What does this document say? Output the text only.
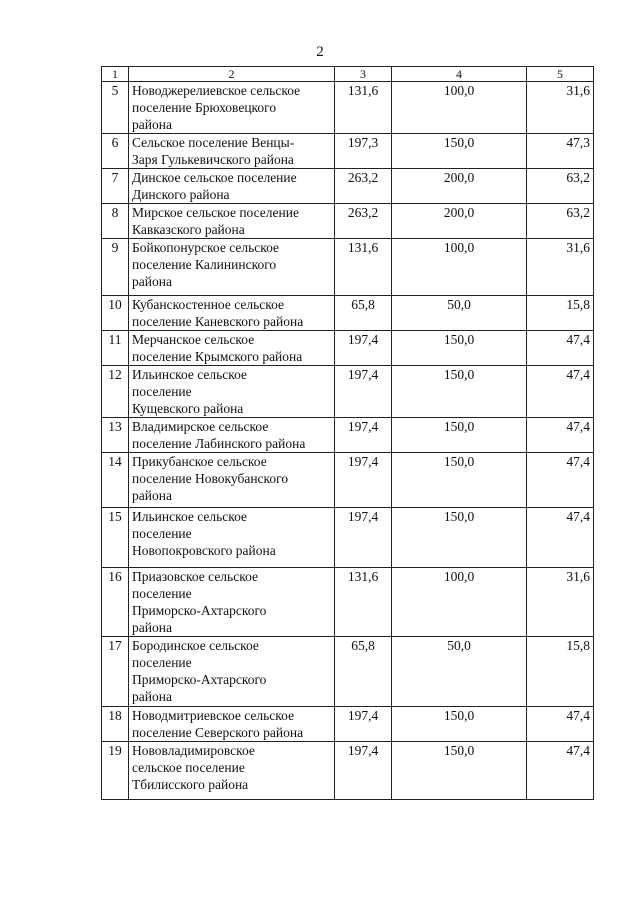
2
1	2	3	4	5
5	Новоджерелиевское сельское
поселение Брюховецкого
района	131,6	100,0	31,6
6	Сельское поселение Венцы-
Заря Гулькевичского района	197,3	150,0	47,3
7	Динское сельское поселение
Динского района	263,2	200,0	63,2
8	Мирское сельское поселение
Кавказского района	263,2	200,0	63,2
9	Бойкопонурское сельское
поселение Калининского
района	131,6	100,0	31,6
10	Кубанскостенное сельское
поселение Каневского района	65,8	50,0	15,8
11	Мерчанское сельское
поселение Крымского района	197,4	150,0	47,4
12	Ильинское сельское
поселение
Кущевского района	197,4	150,0	47,4
13	Владимирское сельское
поселение Лабинского района	197,4	150,0	47,4
14	Прикубанское сельское
поселение Новокубанского
района	197,4	150,0	47,4
15	Ильинское сельское
поселение
Новопокровского района	197,4	150,0	47,4
16	Приазовское сельское
поселение
Приморско-Ахтарского
района	131,6	100,0	31,6
17	Бородинское сельское
поселение
Приморско-Ахтарского
района	65,8	50,0	15,8
18	Новодмитриевское сельское
поселение Северского района	197,4	150,0	47,4
19	Нововладимировское
сельское поселение
Тбилисского района	197,4	150,0	47,4
